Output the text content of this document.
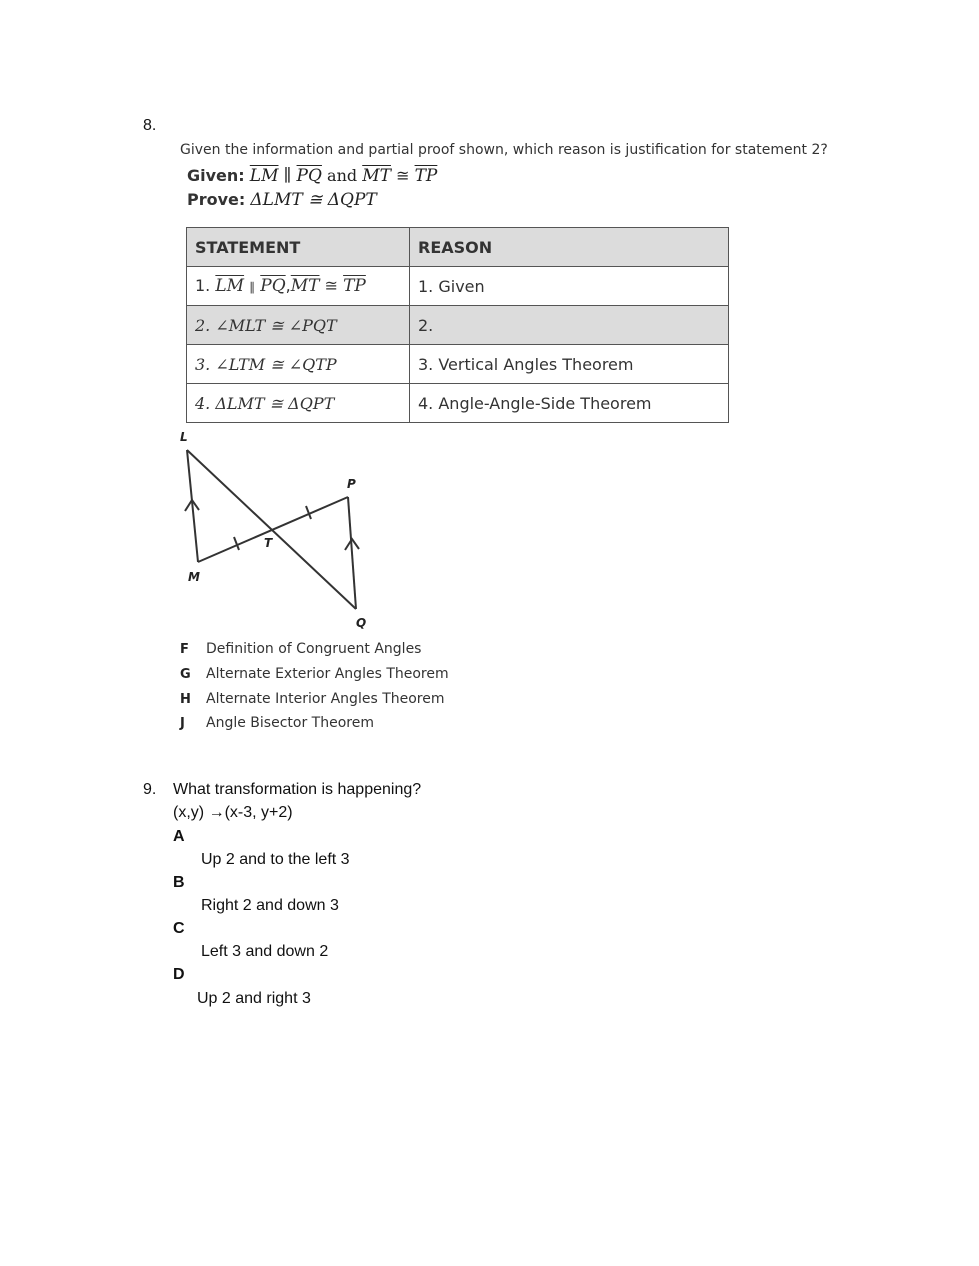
8.
Given the information and partial proof shown, which reason is justification for statement 2?
Given: $\overline{LM}$ ∥ $\overline{PQ}$ and $\overline{MT}$ ≅ $\overline{TP}$
Prove: ΔLMT ≅ ΔQPT
STATEMENT	REASON
1. $\overline{LM}$ ∥ $\overline{PQ},\overline{MT}$ ≅ $\overline{TP}$	1. Given
2. ∠MLT ≅ ∠PQT	2.
3. ∠LTM ≅ ∠QTP	3. Vertical Angles Theorem
4. ΔLMT ≅ ΔQPT	4. Angle-Angle-Side Theorem
L
M
T
P
Q
F Definition of Congruent Angles
G Alternate Exterior Angles Theorem
H Alternate Interior Angles Theorem
J Angle Bisector Theorem
9. What transformation is happening?
(x,y) →(x-3, y+2)
A
Up 2 and to the left 3
B
Right 2 and down 3
C
Left 3 and down 2
D
Up 2 and right 3
